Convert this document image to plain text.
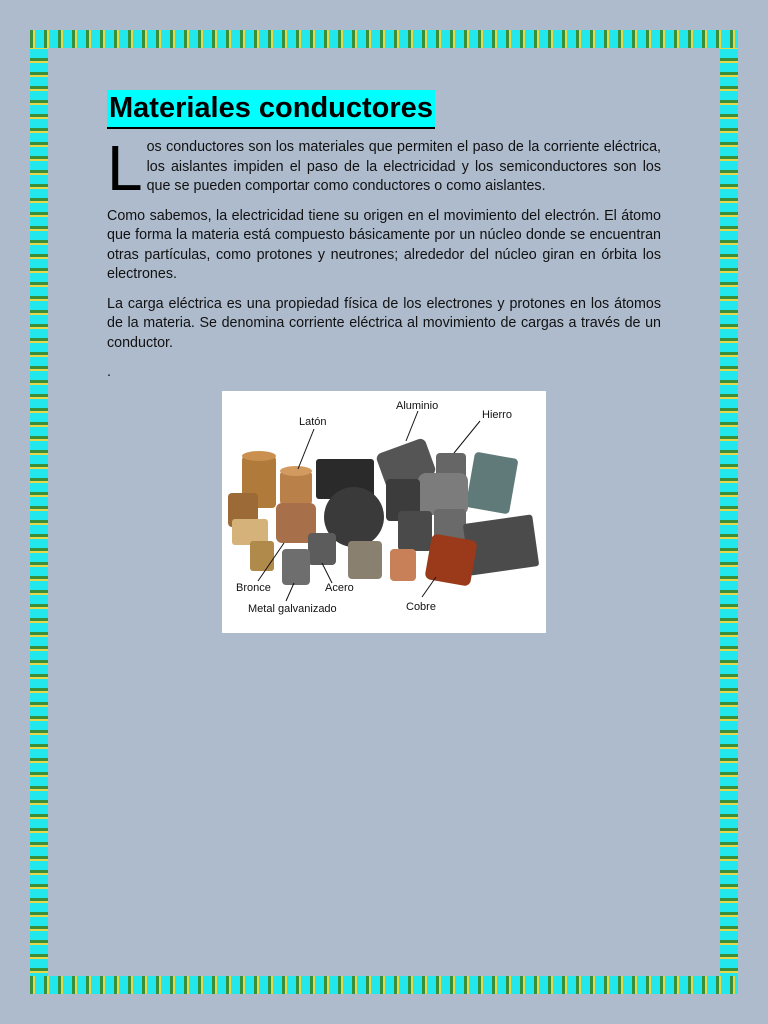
Materiales conductores

Los conductores son los materiales que permiten el paso de la corriente eléctrica, los aislantes impiden el paso de la electricidad y los semiconductores son los que se pueden comportar como conductores o como aislantes.

Como sabemos, la electricidad tiene su origen en el movimiento del electrón. El átomo que forma la materia está compuesto básicamente por un núcleo donde se encuentran otras partículas, como protones y neutrones; alrededor del núcleo giran en órbita los electrones.

La carga eléctrica es una propiedad física de los electrones y protones en los átomos de la materia. Se denomina corriente eléctrica al movimiento de cargas a través de un conductor.

.

Latón
Aluminio
Hierro
Bronce	Acero
Metal galvanizado	Cobre
